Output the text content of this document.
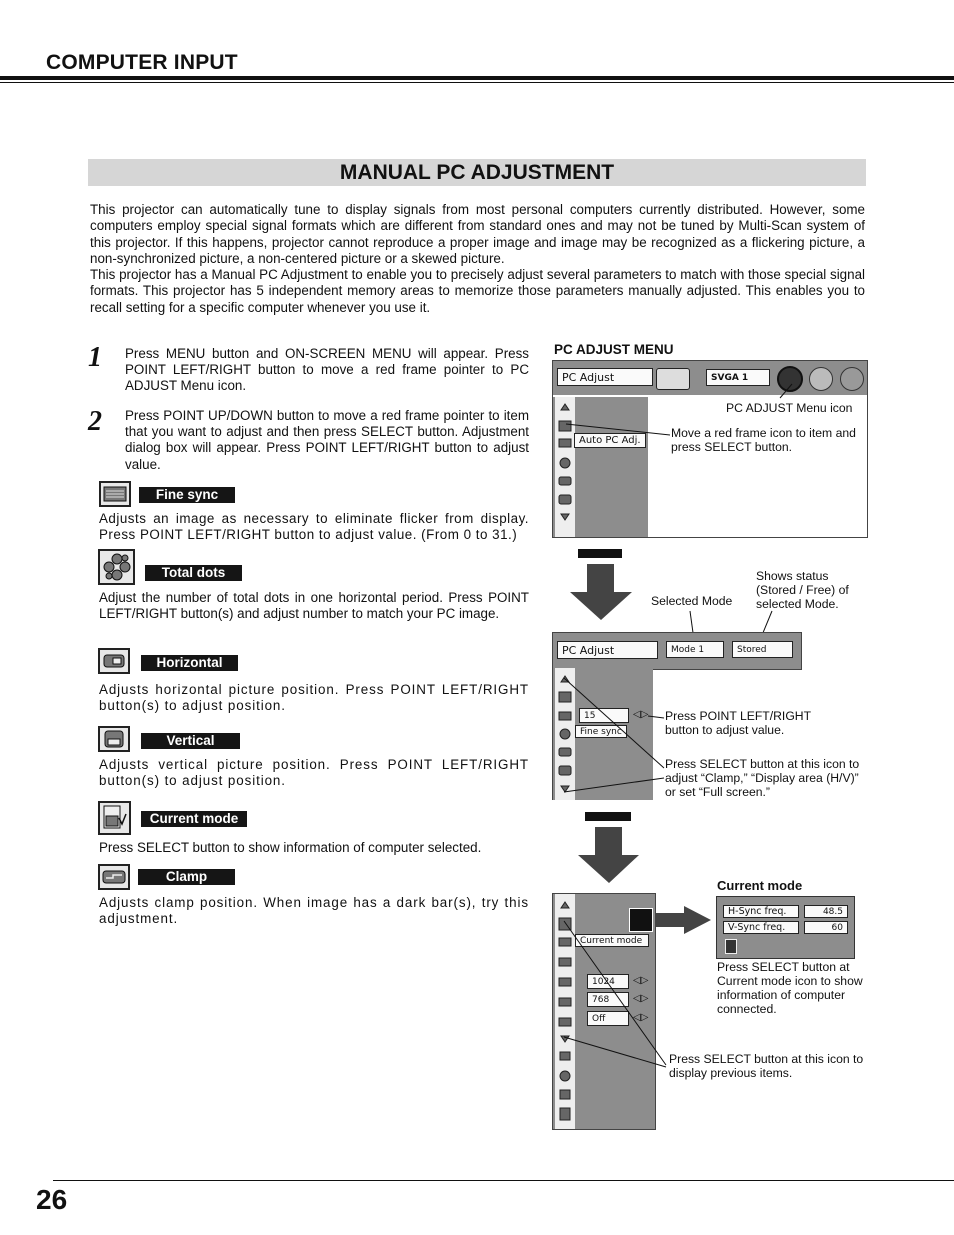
COMPUTER INPUT
MANUAL PC ADJUSTMENT

This projector can automatically tune to display signals from most personal computers currently distributed. However, some computers employ special signal formats which are different from standard ones and may not be tuned by Multi-Scan system of this projector. If this happens, projector cannot reproduce a proper image and image may be recognized as a flickering picture, a non-synchronized picture, a non-centered picture or a skewed picture.

This projector has a Manual PC Adjustment to enable you to precisely adjust several parameters to match with those special signal formats. This projector has 5 independent memory areas to memorize those parameters manually adjusted. This enables you to recall setting for a specific computer whenever you use it.

1 Press MENU button and ON-SCREEN MENU will appear. Press POINT LEFT/RIGHT button to move a red frame pointer to PC ADJUST Menu icon.
2 Press POINT UP/DOWN button to move a red frame pointer to item that you want to adjust and then press SELECT button. Adjustment dialog box will appear. Press POINT LEFT/RIGHT button to adjust value.
Fine sync
Adjusts an image as necessary to eliminate flicker from display. Press POINT LEFT/RIGHT button to adjust value. (From 0 to 31.)
Total dots
Adjust the number of total dots in one horizontal period. Press POINT LEFT/RIGHT button(s) and adjust number to match your PC image.
Horizontal
Adjusts horizontal picture position. Press POINT LEFT/RIGHT button(s) to adjust position.
Vertical
Adjusts vertical picture position. Press POINT LEFT/RIGHT button(s) to adjust position.
Current mode
Press SELECT button to show information of computer selected.
Clamp
Adjusts clamp position. When image has a dark bar(s), try this adjustment.
PC ADJUST MENU
PC Adjust	SVGA 1
Auto PC Adj.
PC ADJUST Menu icon
Move a red frame icon to item and press SELECT button.
Selected Mode
Shows status (Stored / Free) of selected Mode.
PC Adjust	Mode 1	Stored
15	◁▷
Fine sync
Press POINT LEFT/RIGHT button to adjust value.
Press SELECT button at this icon to adjust “Clamp,” “Display area (H/V)” or set “Full screen.”
Current mode
1024	◁▷
768	◁▷
Off	◁▷
Press SELECT button at this icon to display previous items.
Current mode
H-Sync freq.	48.5
V-Sync freq.	60
Press SELECT button at Current mode icon to show information of computer connected.
26
